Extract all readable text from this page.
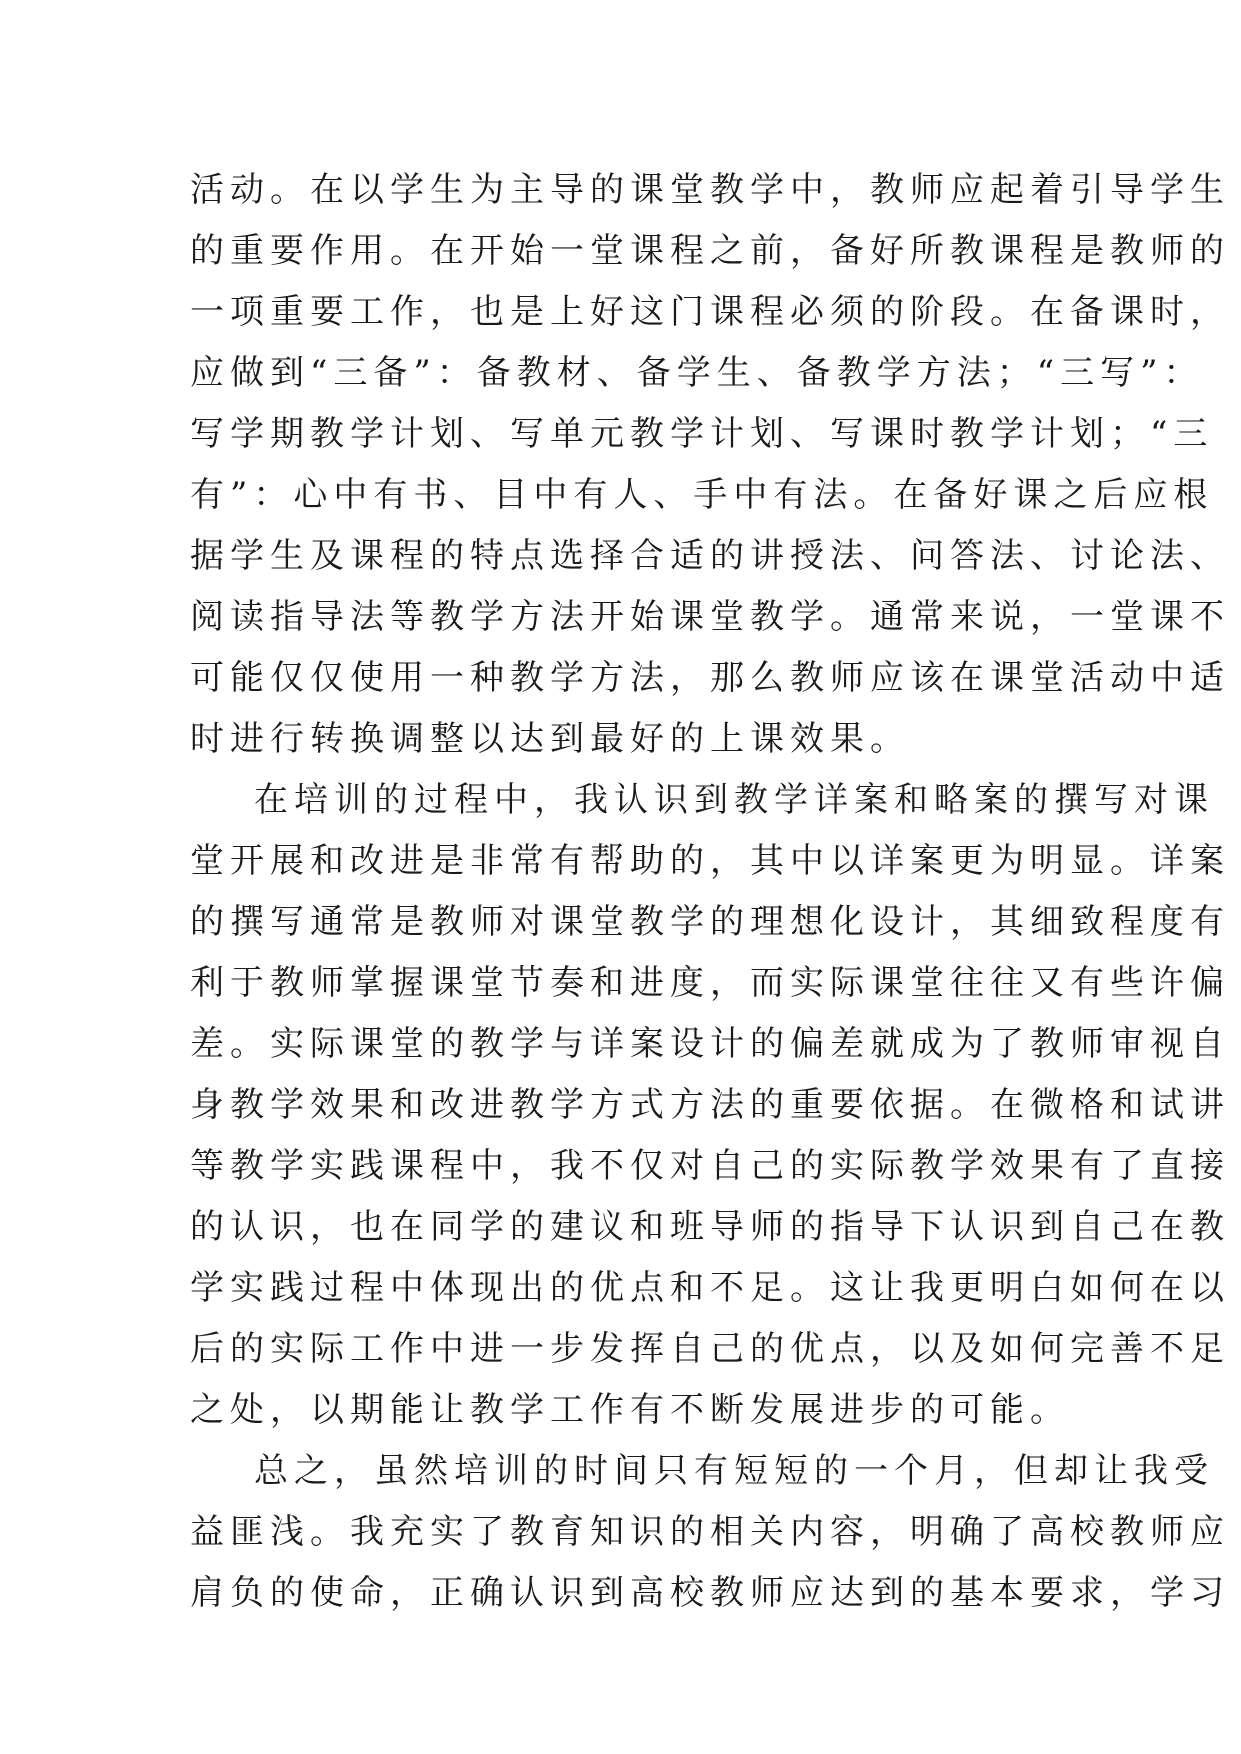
活动。在以学生为主导的课堂教学中，教师应起着引导学生
的重要作用。在开始一堂课程之前，备好所教课程是教师的
一项重要工作，也是上好这门课程必须的阶段。在备课时，
应做到“三备”：备教材、备学生、备教学方法；“三写”：
写学期教学计划、写单元教学计划、写课时教学计划；“三
有”：心中有书、目中有人、手中有法。在备好课之后应根
据学生及课程的特点选择合适的讲授法、问答法、讨论法、
阅读指导法等教学方法开始课堂教学。通常来说，一堂课不
可能仅仅使用一种教学方法，那么教师应该在课堂活动中适
时进行转换调整以达到最好的上课效果。
在培训的过程中，我认识到教学详案和略案的撰写对课
堂开展和改进是非常有帮助的，其中以详案更为明显。详案
的撰写通常是教师对课堂教学的理想化设计，其细致程度有
利于教师掌握课堂节奏和进度，而实际课堂往往又有些许偏
差。实际课堂的教学与详案设计的偏差就成为了教师审视自
身教学效果和改进教学方式方法的重要依据。在微格和试讲
等教学实践课程中，我不仅对自己的实际教学效果有了直接
的认识，也在同学的建议和班导师的指导下认识到自己在教
学实践过程中体现出的优点和不足。这让我更明白如何在以
后的实际工作中进一步发挥自己的优点，以及如何完善不足
之处，以期能让教学工作有不断发展进步的可能。
总之，虽然培训的时间只有短短的一个月，但却让我受
益匪浅。我充实了教育知识的相关内容，明确了高校教师应
肩负的使命，正确认识到高校教师应达到的基本要求，学习
